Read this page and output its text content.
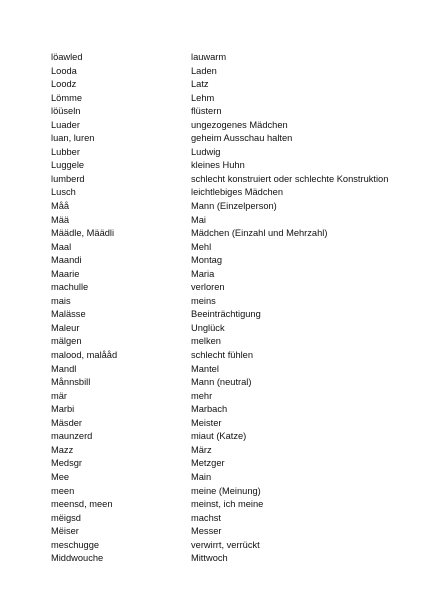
löawled	lauwarm
Looda	Laden
Loodz	Latz
Lömme	Lehm
löüseln	flüstern
Luader	ungezogenes Mädchen
luan, luren	geheim Ausschau halten
Lubber	Ludwig
Luggele	kleines Huhn
lumberd	schlecht konstruiert oder schlechte Konstruktion
Lusch	leichtlebiges Mädchen
Måå	Mann (Einzelperson)
Mää	Mai
Määdle, Määdli	Mädchen (Einzahl und Mehrzahl)
Maal	Mehl
Maandi	Montag
Maarie	Maria
machulle	verloren
mais	meins
Malässe	Beeinträchtigung
Maleur	Unglück
mälgen	melken
malood, malååd	schlecht fühlen
Mandl	Mantel
Månnsbill	Mann (neutral)
mär	mehr
Marbi	Marbach
Mäsder	Meister
maunzerd	miaut (Katze)
Mazz	März
Medsgr	Metzger
Mee	Main
meen	meine (Meinung)
meensd, meen	meinst, ich meine
mëigsd	machst
Mëiser	Messer
meschugge	verwirrt, verrückt
Middwouche	Mittwoch
